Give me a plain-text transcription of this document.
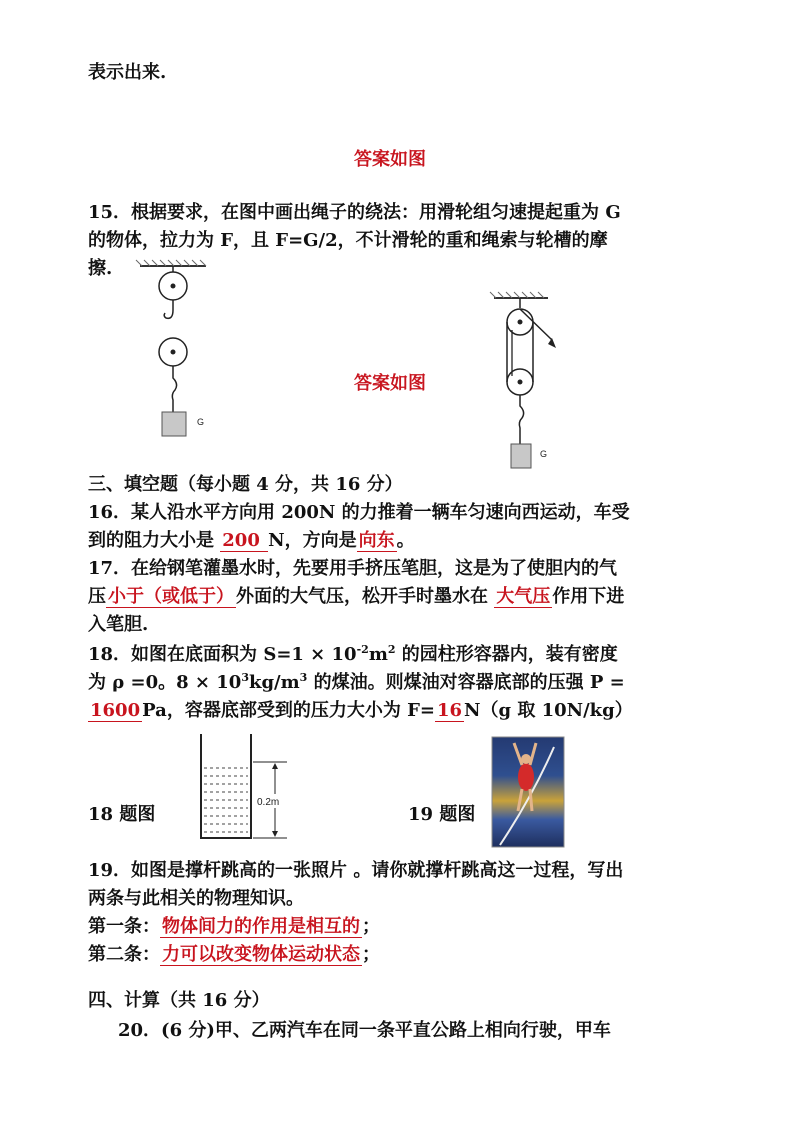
表示出来.
答案如图
15．根据要求，在图中画出绳子的绕法：用滑轮组匀速提起重为 G
的物体，拉力为 F，且 F=G/2，不计滑轮的重和绳索与轮槽的摩
擦.
答案如图
G
G
三、填空题（每小题 4 分，共 16 分）
16．某人沿水平方向用 200N 的力推着一辆车匀速向西运动，车受
到的阻力大小是 200 N，方向是 向东 。
17．在给钢笔灌墨水时，先要用手挤压笔胆，这是为了使胆内的气
压 小于（或低于） 外面的大气压，松开手时墨水在 大气压 作用下进
入笔胆.
18．如图在底面积为 $S=1 \times 10^{-2}m^2$ 的园柱形容器内，装有密度
为 ρ =0。$8 \times 10^3kg/m^3$ 的煤油。则煤油对容器底部的压强 P =
1600 Pa，容器底部受到的压力大小为 F= 16 N（g 取 10N/kg）
18 题图
0.2m
19 题图
19．如图是撑杆跳高的一张照片 。请你就撑杆跳高这一过程，写出
两条与此相关的物理知识。
第一条： 物体间力的作用是相互的 ；
第二条： 力可以改变物体运动状态 ；
四、计算（共 16 分）
20．(6 分)甲、乙两汽车在同一条平直公路上相向行驶，甲车
